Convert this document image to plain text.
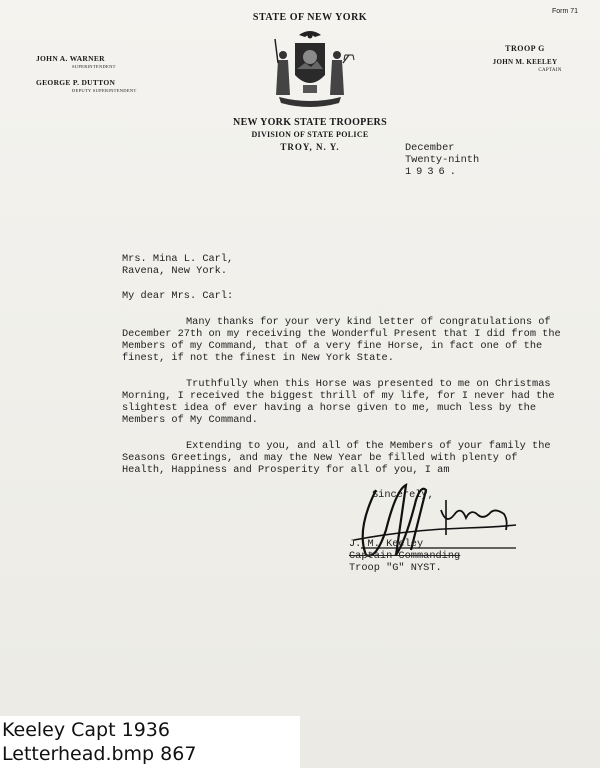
Form 71
STATE OF NEW YORK
NEW YORK STATE TROOPERS
DIVISION OF STATE POLICE
TROY, N. Y.
JOHN A. WARNER
SUPERINTENDENT
GEORGE P. DUTTON
DEPUTY SUPERINTENDENT
TROOP G
JOHN M. KEELEY
CAPTAIN
December
Twenty-ninth
1936.
Mrs. Mina L. Carl,
Ravena, New York.
My dear Mrs. Carl:
Many thanks for your very kind letter of congratulations of December 27th on my receiving the Wonderful Present that I did from the Members of my Command, that of a very fine Horse, in fact one of the finest, if not the finest in New York State.
Truthfully when this Horse was presented to me on Christmas Morning, I received the biggest thrill of my life, for I never had the slightest idea of ever having a horse given to me, much less by the Members of My Command.
Extending to you, and all of the Members of your family the Seasons Greetings, and may the New Year be filled with plenty of Health, Happiness and Prosperity for all of you, I am
Sincerely,
J. M. Keeley
Captain-Commanding
Troop "G" NYST.
Keeley Capt 1936
Letterhead.bmp 867
